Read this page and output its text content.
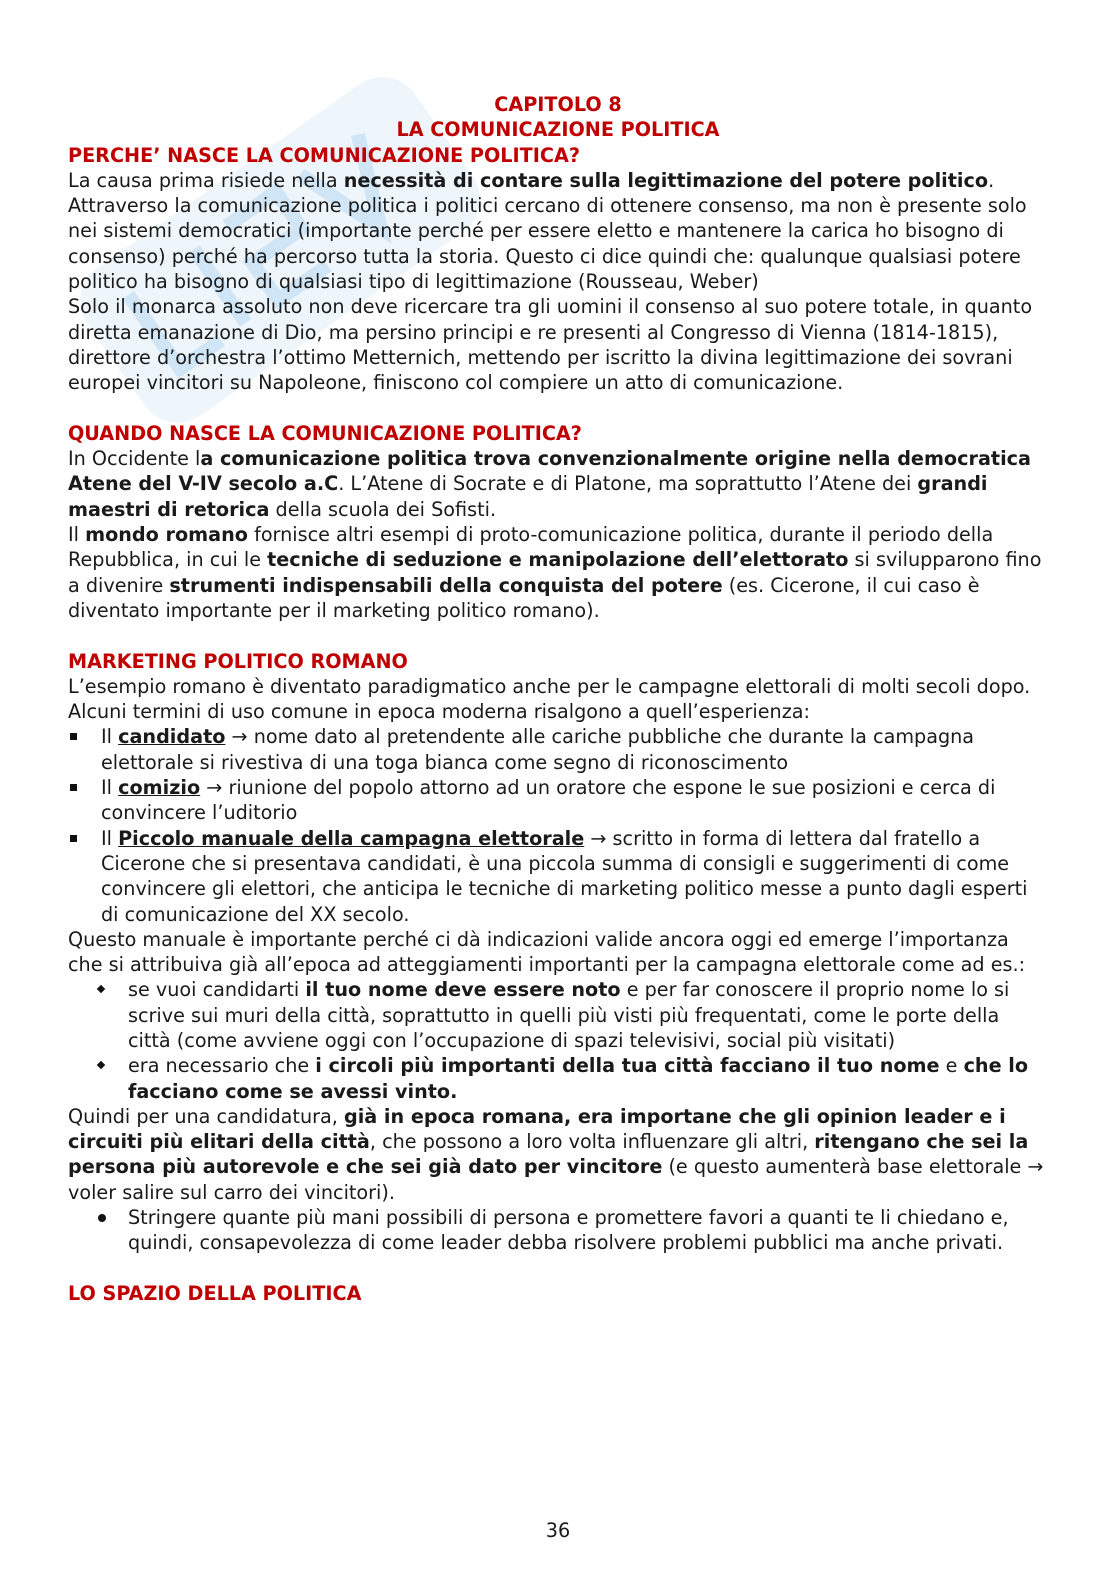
CAPITOLO 8
LA COMUNICAZIONE POLITICA
PERCHE’ NASCE LA COMUNICAZIONE POLITICA?

La causa prima risiede nella necessità di contare sulla legittimazione del potere politico.

Attraverso la comunicazione politica i politici cercano di ottenere consenso, ma non è presente solo nei sistemi democratici (importante perché per essere eletto e mantenere la carica ho bisogno di consenso) perché ha percorso tutta la storia. Questo ci dice quindi che: qualunque qualsiasi potere politico ha bisogno di qualsiasi tipo di legittimazione (Rousseau, Weber)

Solo il monarca assoluto non deve ricercare tra gli uomini il consenso al suo potere totale, in quanto diretta emanazione di Dio, ma persino principi e re presenti al Congresso di Vienna (1814-1815), direttore d’orchestra l’ottimo Metternich, mettendo per iscritto la divina legittimazione dei sovrani europei vincitori su Napoleone, finiscono col compiere un atto di comunicazione.

QUANDO NASCE LA COMUNICAZIONE POLITICA?

In Occidente la comunicazione politica trova convenzionalmente origine nella democratica Atene del V-IV secolo a.C. L’Atene di Socrate e di Platone, ma soprattutto l’Atene dei grandi maestri di retorica della scuola dei Sofisti.

Il mondo romano fornisce altri esempi di proto-comunicazione politica, durante il periodo della Repubblica, in cui le tecniche di seduzione e manipolazione dell’elettorato si svilupparono fino a divenire strumenti indispensabili della conquista del potere (es. Cicerone, il cui caso è diventato importante per il marketing politico romano).

MARKETING POLITICO ROMANO

L’esempio romano è diventato paradigmatico anche per le campagne elettorali di molti secoli dopo. Alcuni termini di uso comune in epoca moderna risalgono a quell’esperienza:

Il candidato → nome dato al pretendente alle cariche pubbliche che durante la campagna elettorale si rivestiva di una toga bianca come segno di riconoscimento
Il comizio → riunione del popolo attorno ad un oratore che espone le sue posizioni e cerca di convincere l’uditorio
Il Piccolo manuale della campagna elettorale → scritto in forma di lettera dal fratello a Cicerone che si presentava candidati, è una piccola summa di consigli e suggerimenti di come convincere gli elettori, che anticipa le tecniche di marketing politico messe a punto dagli esperti di comunicazione del XX secolo.

Questo manuale è importante perché ci dà indicazioni valide ancora oggi ed emerge l’importanza che si attribuiva già all’epoca ad atteggiamenti importanti per la campagna elettorale come ad es.:

se vuoi candidarti il tuo nome deve essere noto e per far conoscere il proprio nome lo si scrive sui muri della città, soprattutto in quelli più visti più frequentati, come le porte della città (come avviene oggi con l’occupazione di spazi televisivi, social più visitati)
era necessario che i circoli più importanti della tua città facciano il tuo nome e che lo facciano come se avessi vinto.

Quindi per una candidatura, già in epoca romana, era importane che gli opinion leader e i circuiti più elitari della città, che possono a loro volta influenzare gli altri, ritengano che sei la persona più autorevole e che sei già dato per vincitore (e questo aumenterà base elettorale → voler salire sul carro dei vincitori).

Stringere quante più mani possibili di persona e promettere favori a quanti te li chiedano e, quindi, consapevolezza di come leader debba risolvere problemi pubblici ma anche privati.
LO SPAZIO DELLA POLITICA
36
